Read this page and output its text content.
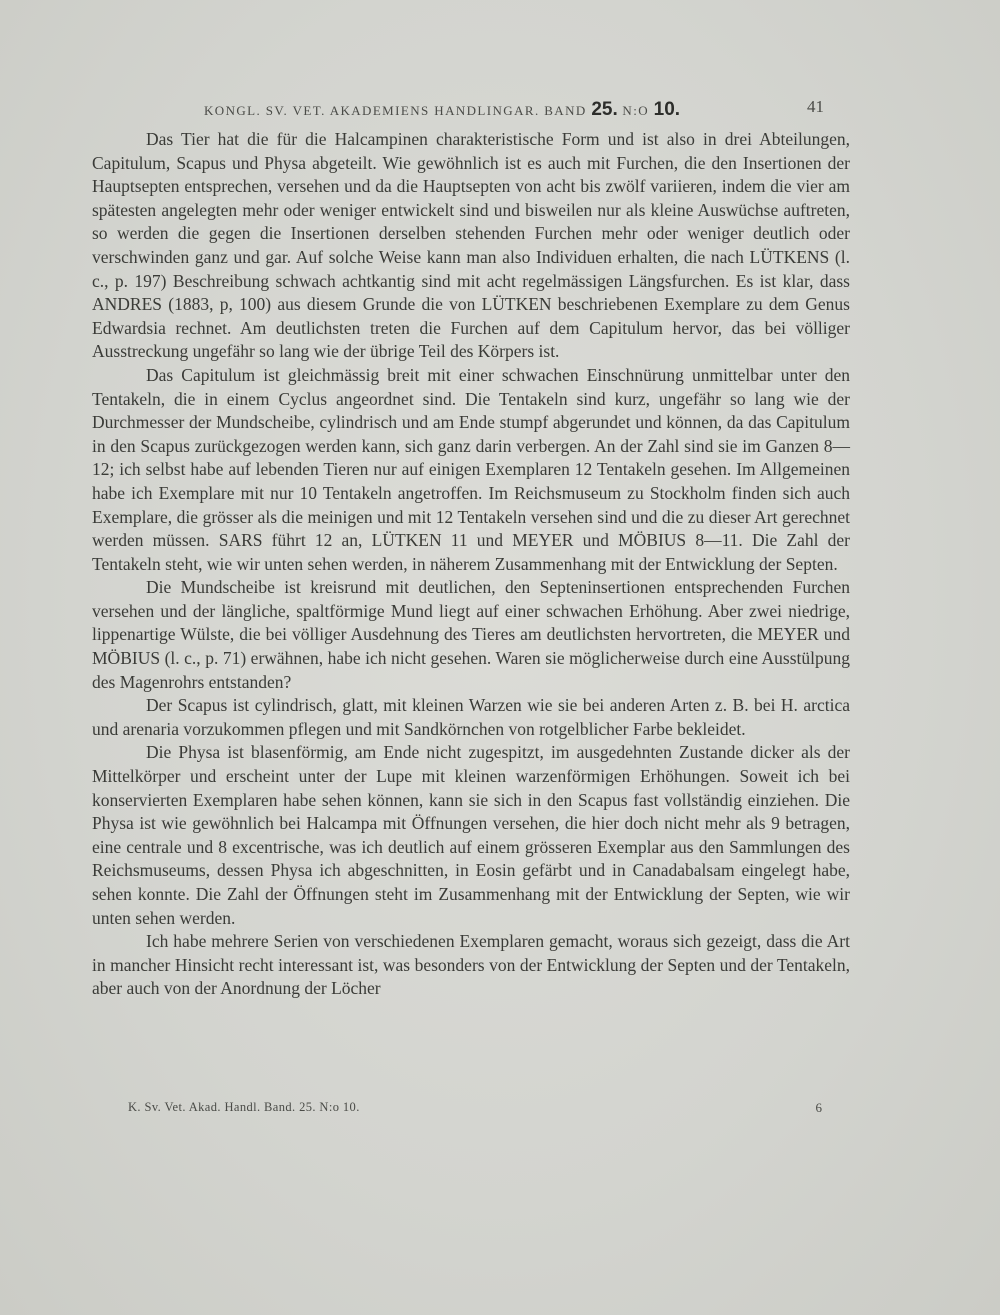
KONGL. SV. VET. AKADEMIENS HANDLINGAR. BAND 25. N:O 10.	41

Das Tier hat die für die Halcampinen charakteristische Form und ist also in drei Abteilungen, Capitulum, Scapus und Physa abgeteilt. Wie gewöhnlich ist es auch mit Furchen, die den Insertionen der Hauptsepten entsprechen, versehen und da die Hauptsepten von acht bis zwölf variieren, indem die vier am spätesten angelegten mehr oder weniger entwickelt sind und bisweilen nur als kleine Auswüchse auftreten, so werden die gegen die Insertionen derselben stehenden Furchen mehr oder weniger deutlich oder verschwinden ganz und gar. Auf solche Weise kann man also Individuen erhalten, die nach LÜTKENS (l. c., p. 197) Beschreibung schwach achtkantig sind mit acht regelmässigen Längsfurchen. Es ist klar, dass ANDRES (1883, p, 100) aus diesem Grunde die von LÜTKEN beschriebenen Exemplare zu dem Genus Edwardsia rechnet. Am deutlichsten treten die Furchen auf dem Capitulum hervor, das bei völliger Ausstreckung ungefähr so lang wie der übrige Teil des Körpers ist.

Das Capitulum ist gleichmässig breit mit einer schwachen Einschnürung unmittelbar unter den Tentakeln, die in einem Cyclus angeordnet sind. Die Tentakeln sind kurz, ungefähr so lang wie der Durchmesser der Mundscheibe, cylindrisch und am Ende stumpf abgerundet und können, da das Capitulum in den Scapus zurückgezogen werden kann, sich ganz darin verbergen. An der Zahl sind sie im Ganzen 8—12; ich selbst habe auf lebenden Tieren nur auf einigen Exemplaren 12 Tentakeln gesehen. Im Allgemeinen habe ich Exemplare mit nur 10 Tentakeln angetroffen. Im Reichsmuseum zu Stockholm finden sich auch Exemplare, die grösser als die meinigen und mit 12 Tentakeln versehen sind und die zu dieser Art gerechnet werden müssen. SARS führt 12 an, LÜTKEN 11 und MEYER und MÖBIUS 8—11. Die Zahl der Tentakeln steht, wie wir unten sehen werden, in näherem Zusammenhang mit der Entwicklung der Septen.

Die Mundscheibe ist kreisrund mit deutlichen, den Septeninsertionen entsprechenden Furchen versehen und der längliche, spaltförmige Mund liegt auf einer schwachen Erhöhung. Aber zwei niedrige, lippenartige Wülste, die bei völliger Ausdehnung des Tieres am deutlichsten hervortreten, die MEYER und MÖBIUS (l. c., p. 71) erwähnen, habe ich nicht gesehen. Waren sie möglicherweise durch eine Ausstülpung des Magenrohrs entstanden?

Der Scapus ist cylindrisch, glatt, mit kleinen Warzen wie sie bei anderen Arten z. B. bei H. arctica und arenaria vorzukommen pflegen und mit Sandkörnchen von rotgelblicher Farbe bekleidet.

Die Physa ist blasenförmig, am Ende nicht zugespitzt, im ausgedehnten Zustande dicker als der Mittelkörper und erscheint unter der Lupe mit kleinen warzenförmigen Erhöhungen. Soweit ich bei konservierten Exemplaren habe sehen können, kann sie sich in den Scapus fast vollständig einziehen. Die Physa ist wie gewöhnlich bei Halcampa mit Öffnungen versehen, die hier doch nicht mehr als 9 betragen, eine centrale und 8 excentrische, was ich deutlich auf einem grösseren Exemplar aus den Sammlungen des Reichsmuseums, dessen Physa ich abgeschnitten, in Eosin gefärbt und in Canadabalsam eingelegt habe, sehen konnte. Die Zahl der Öffnungen steht im Zusammenhang mit der Entwicklung der Septen, wie wir unten sehen werden.

Ich habe mehrere Serien von verschiedenen Exemplaren gemacht, woraus sich gezeigt, dass die Art in mancher Hinsicht recht interessant ist, was besonders von der Entwicklung der Septen und der Tentakeln, aber auch von der Anordnung der Löcher

K. Sv. Vet. Akad. Handl. Band. 25. N:o 10.	6
